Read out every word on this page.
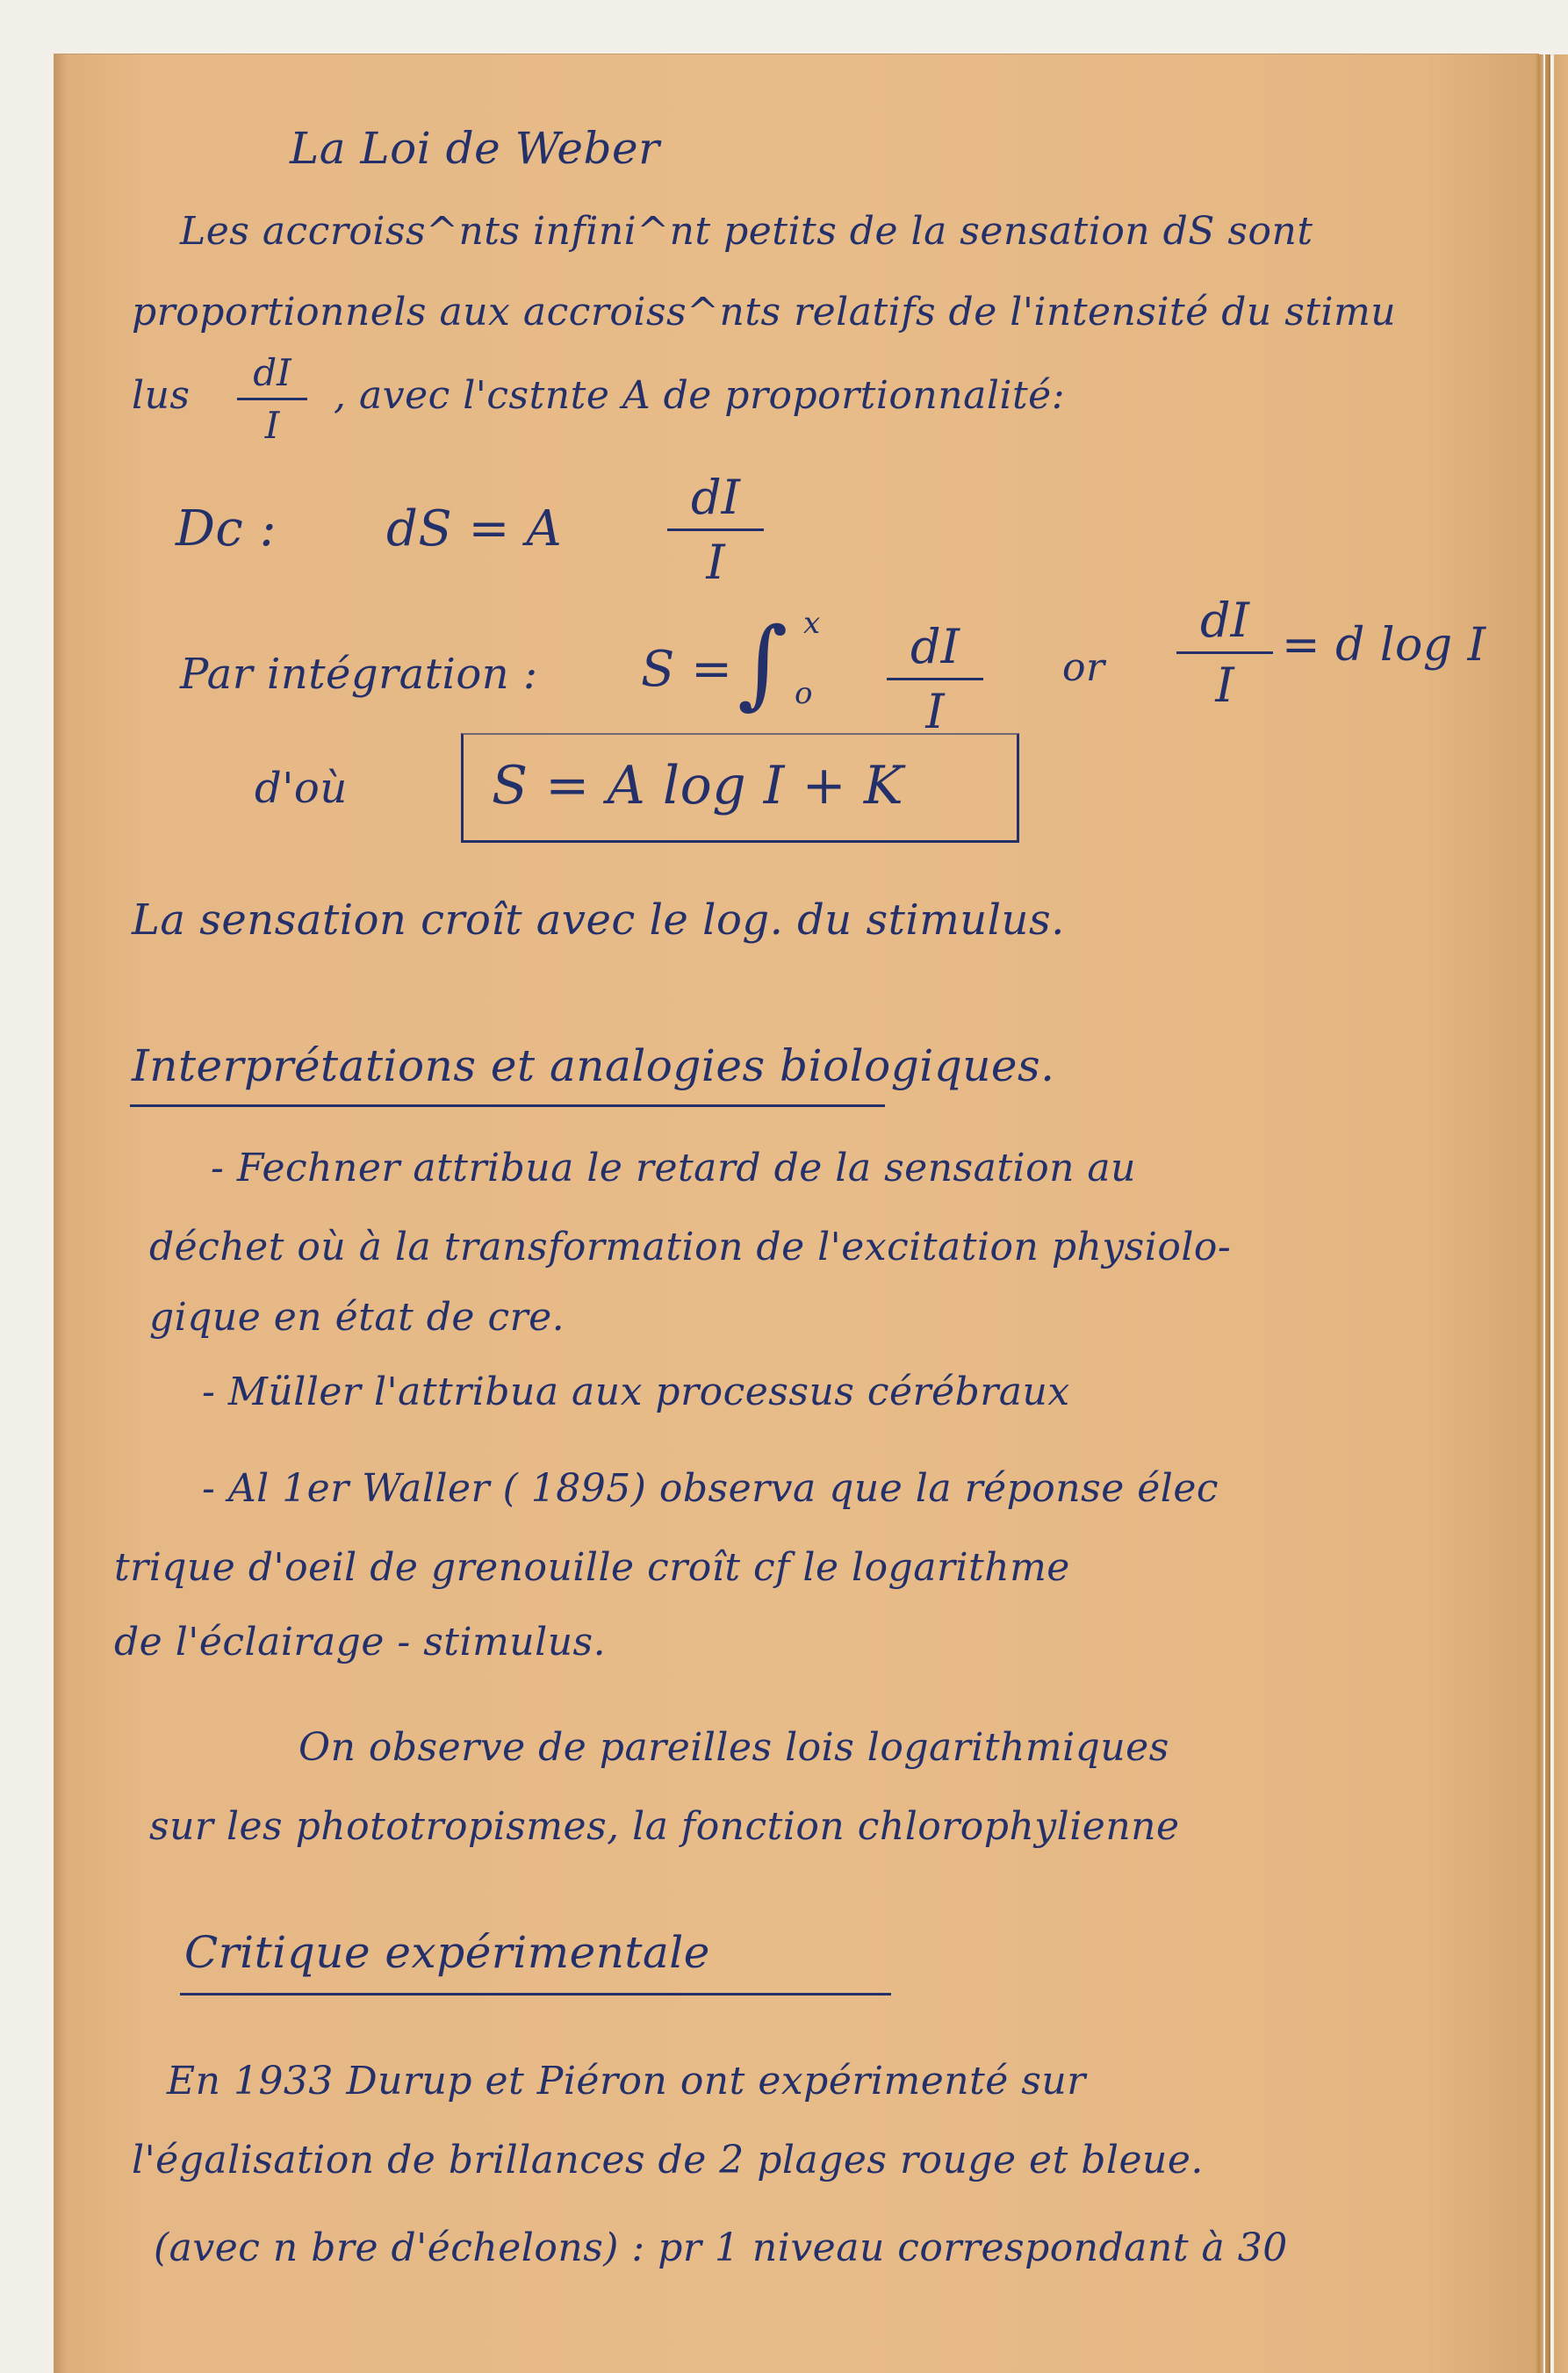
La Loi de Weber
Les accroiss^nts infini^nt petits de la sensation dS sont
proportionnels aux accroiss^nts relatifs de l'intensité du stimu
lus
dI
I
, avec l'cstnte A de proportionnalité:
Dc : dS = A
dI
I
Par intégration : S = ∫ x
o
dI
I
or
dI
I
= d log I
d'où	S = A log I + K
La sensation croît avec le log. du stimulus.
Interprétations et analogies biologiques.
- Fechner attribua le retard de la sensation au
déchet où à la transformation de l'excitation physiolo-
gique en état de cre.
- Müller l'attribua aux processus cérébraux
- Al 1er Waller ( 1895) observa que la réponse élec
trique d'oeil de grenouille croît cf le logarithme
de l'éclairage - stimulus.
On observe de pareilles lois logarithmiques
sur les phototropismes, la fonction chlorophylienne
Critique expérimentale
En 1933 Durup et Piéron ont expérimenté sur
l'égalisation de brillances de 2 plages rouge et bleue.
(avec n bre d'échelons) : pr 1 niveau correspondant à 30
